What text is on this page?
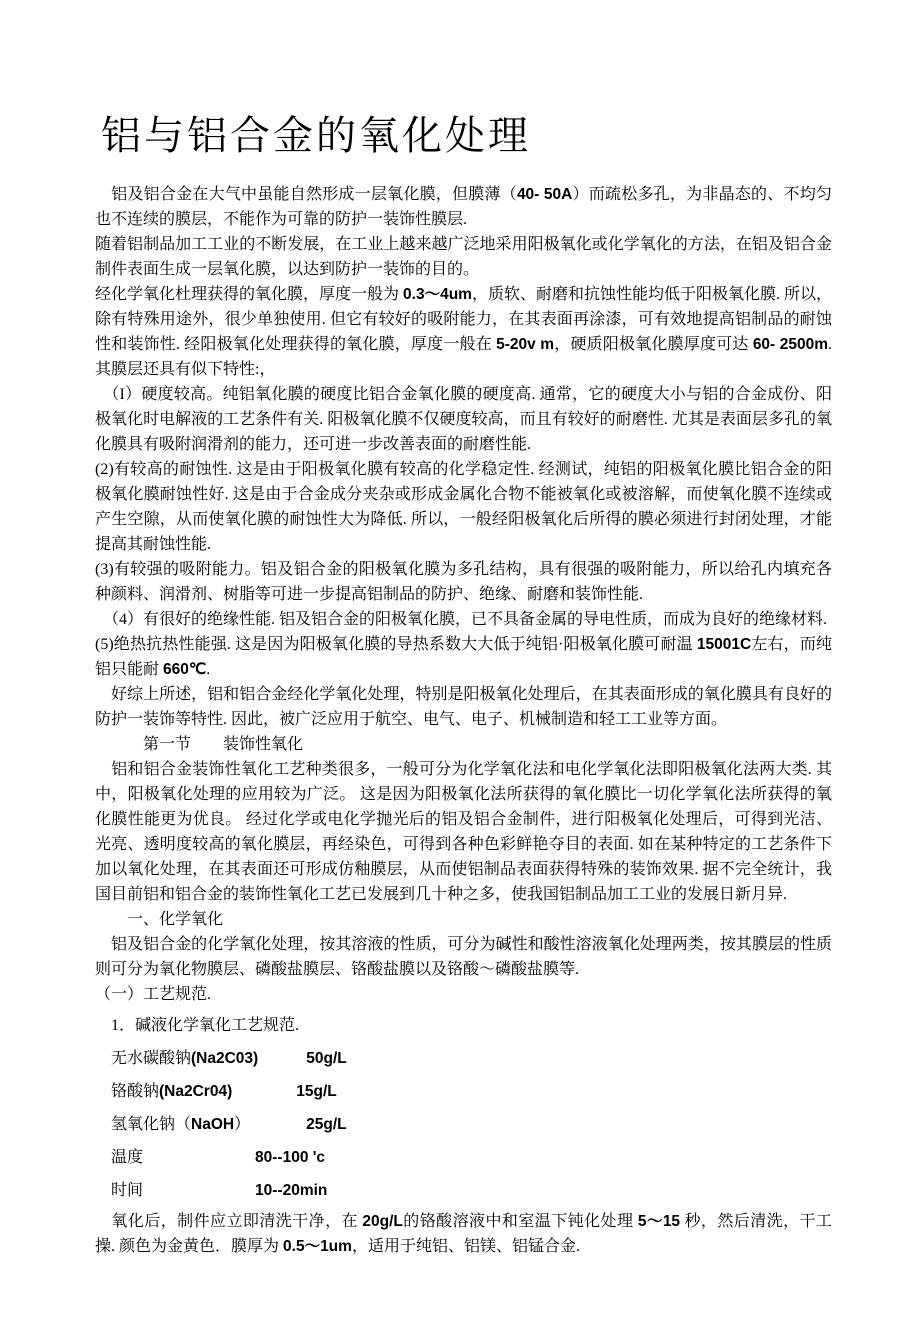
铝与铝合金的氧化处理

　铝及铝合金在大气中虽能自然形成一层氧化膜，但膜薄（40- 50A）而疏松多孔，为非晶态的、不均匀也不连续的膜层，不能作为可靠的防护一装饰性膜层.

随着铝制品加工工业的不断发展，在工业上越来越广泛地采用阳极氧化或化学氧化的方法，在铝及铝合金制件表面生成一层氧化膜，以达到防护一装饰的目的。

经化学氧化杜理获得的氧化膜，厚度一般为 0.3～4um，质软、耐磨和抗蚀性能均低于阳极氧化膜. 所以，除有特殊用途外，很少单独使用. 但它有较好的吸附能力，在其表面再涂漆，可有效地提高铝制品的耐蚀性和装饰性. 经阳极氧化处理获得的氧化膜，厚度一般在 5-20v m，硬质阳极氧化膜厚度可达 60- 2500m. 其膜层还具有似下特性:，

　（I）硬度较高。纯铝氧化膜的硬度比铝合金氧化膜的硬度高. 通常，它的硬度大小与铝的合金成份、阳极氧化时电解液的工艺条件有关. 阳极氧化膜不仅硬度较高，而且有较好的耐磨性. 尤其是表面层多孔的氧化膜具有吸附润滑剂的能力，还可进一步改善表面的耐磨性能.

(2)有较高的耐蚀性. 这是由于阳极氧化膜有较高的化学稳定性. 经测试，纯铝的阳极氧化膜比铝合金的阳极氧化膜耐蚀性好. 这是由于合金成分夹杂或形成金属化合物不能被氧化或被溶解，而使氧化膜不连续或产生空隙，从而使氧化膜的耐蚀性大为降低. 所以，一般经阳极氧化后所得的膜必须进行封闭处理，才能提高其耐蚀性能.

(3)有较强的吸附能力。铝及铝合金的阳极氧化膜为多孔结构，具有很强的吸附能力，所以给孔内填充各种颜料、润滑剂、树脂等可进一步提高铝制品的防护、绝缘、耐磨和装饰性能.

　（4）有很好的绝缘性能. 铝及铝合金的阳极氧化膜，已不具备金属的导电性质，而成为良好的绝缘材料.

(5)绝热抗热性能强. 这是因为阳极氧化膜的导热系数大大低于纯铝·阳极氧化膜可耐温 15001C左右，而纯铝只能耐 660℃.

　好综上所述，铝和铝合金经化学氧化处理，特别是阳极氧化处理后，在其表面形成的氧化膜具有良好的防护一装饰等特性. 因此，被广泛应用于航空、电气、电子、机械制造和轻工工业等方面。

　　　第一节　　装饰性氧化

　铝和铝合金装饰性氧化工艺种类很多，一般可分为化学氧化法和电化学氧化法即阳极氧化法两大类. 其中，阳极氧化处理的应用较为广泛。 这是因为阳极氧化法所获得的氧化膜比一切化学氧化法所获得的氧化膜性能更为优良。 经过化学或电化学抛光后的铝及铝合金制件，进行阳极氧化处理后，可得到光洁、光亮、透明度较高的氧化膜层，再经染色，可得到各种色彩鲜艳夺目的表面. 如在某种特定的工艺条件下加以氧化处理，在其表面还可形成仿釉膜层，从而使铝制品表面获得特殊的装饰效果. 据不完全统计，我国目前铝和铝合金的装饰性氧化工艺已发展到几十种之多，使我国铝制品加工工业的发展日新月异.

　　一、化学氧化

　铝及铝合金的化学氧化处理，按其溶液的性质，可分为碱性和酸性溶液氧化处理两类，按其膜层的性质则可分为氧化物膜层、磷酸盐膜层、铬酸盐膜以及铬酸～磷酸盐膜等.

（一）工艺规范.

　1．碱液化学氧化工艺规范.

　无水碳酸钠(Na2C03)　　　	50g/L

　铬酸钠(Na2Cr04)　　　　	15g/L

　氢氧化钠（NaOH）　　　　25g/L

　温度　　　　　　　80--100 'c

　时间　　　　　　　10--20min

　氧化后，制件应立即清洗干净，在 20g/L的铬酸溶液中和室温下钝化处理 5～15 秒，然后清洗，干工操. 颜色为金黄色．膜厚为 0.5～1um，适用于纯铝、铝镁、铝锰合金.
